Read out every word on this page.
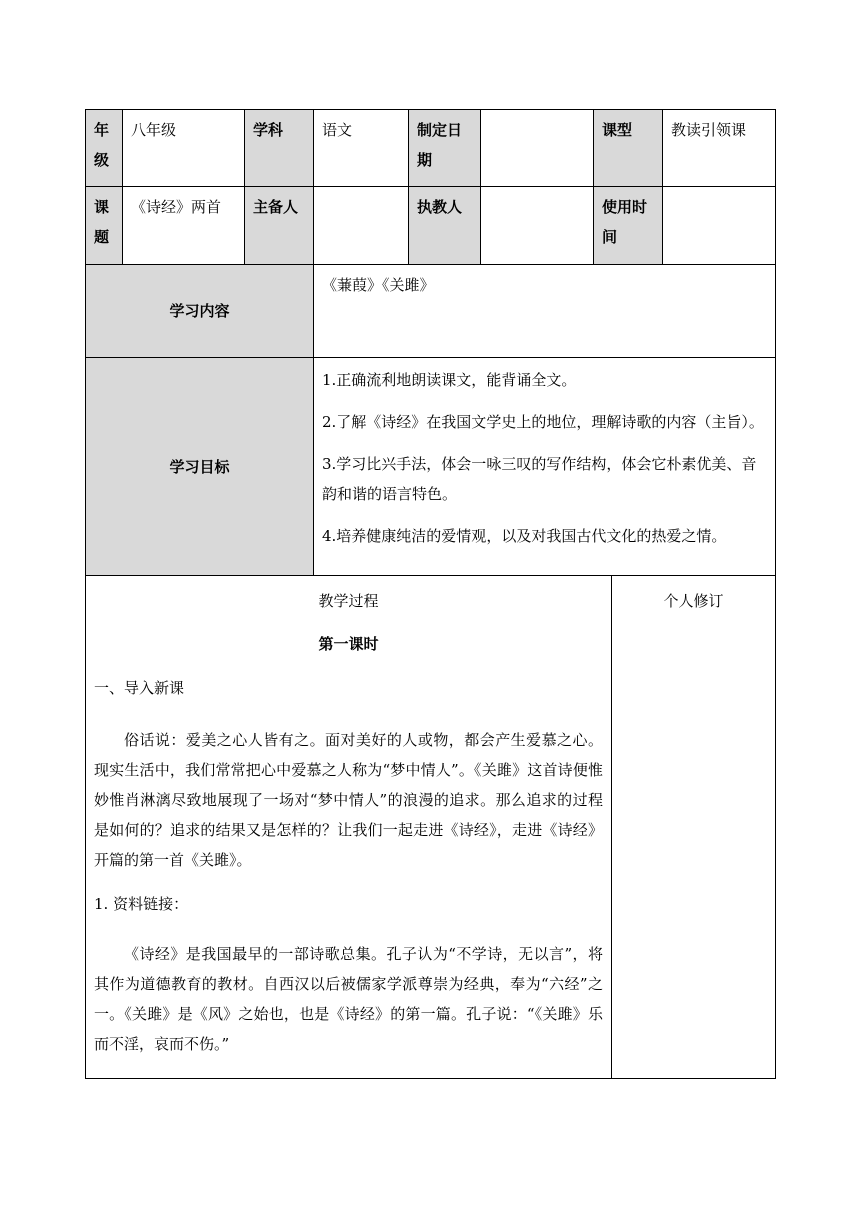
年级	八年级	学科	语文	制定日期		课型	教读引领课
课题	《诗经》两首	主备人		执教人		使用时间	
学习内容			《蒹葭》《关雎》				
学习目标			1.正确流利地朗读课文，能背诵全文。
2.了解《诗经》在我国文学史上的地位，理解诗歌的内容（主旨）。
3.学习比兴手法，体会一咏三叹的写作结构，体会它朴素优美、音韵和谐的语言特色。
4.培养健康纯洁的爱情观，以及对我国古代文化的热爱之情。				
教学过程
第一课时
一、导入新课
俗话说：爱美之心人皆有之。面对美好的人或物，都会产生爱慕之心。现实生活中，我们常常把心中爱慕之人称为“梦中情人”。《关雎》这首诗便惟妙惟肖淋漓尽致地展现了一场对“梦中情人”的浪漫的追求。那么追求的过程是如何的？追求的结果又是怎样的？让我们一起走进《诗经》，走进《诗经》开篇的第一首《关雎》。
1. 资料链接：
《诗经》是我国最早的一部诗歌总集。孔子认为“不学诗，无以言”，将其作为道德教育的教材。自西汉以后被儒家学派尊崇为经典，奉为“六经”之一。《关雎》是《风》之始也，也是《诗经》的第一篇。孔子说：“《关雎》乐而不淫，哀而不伤。”

个人修订
